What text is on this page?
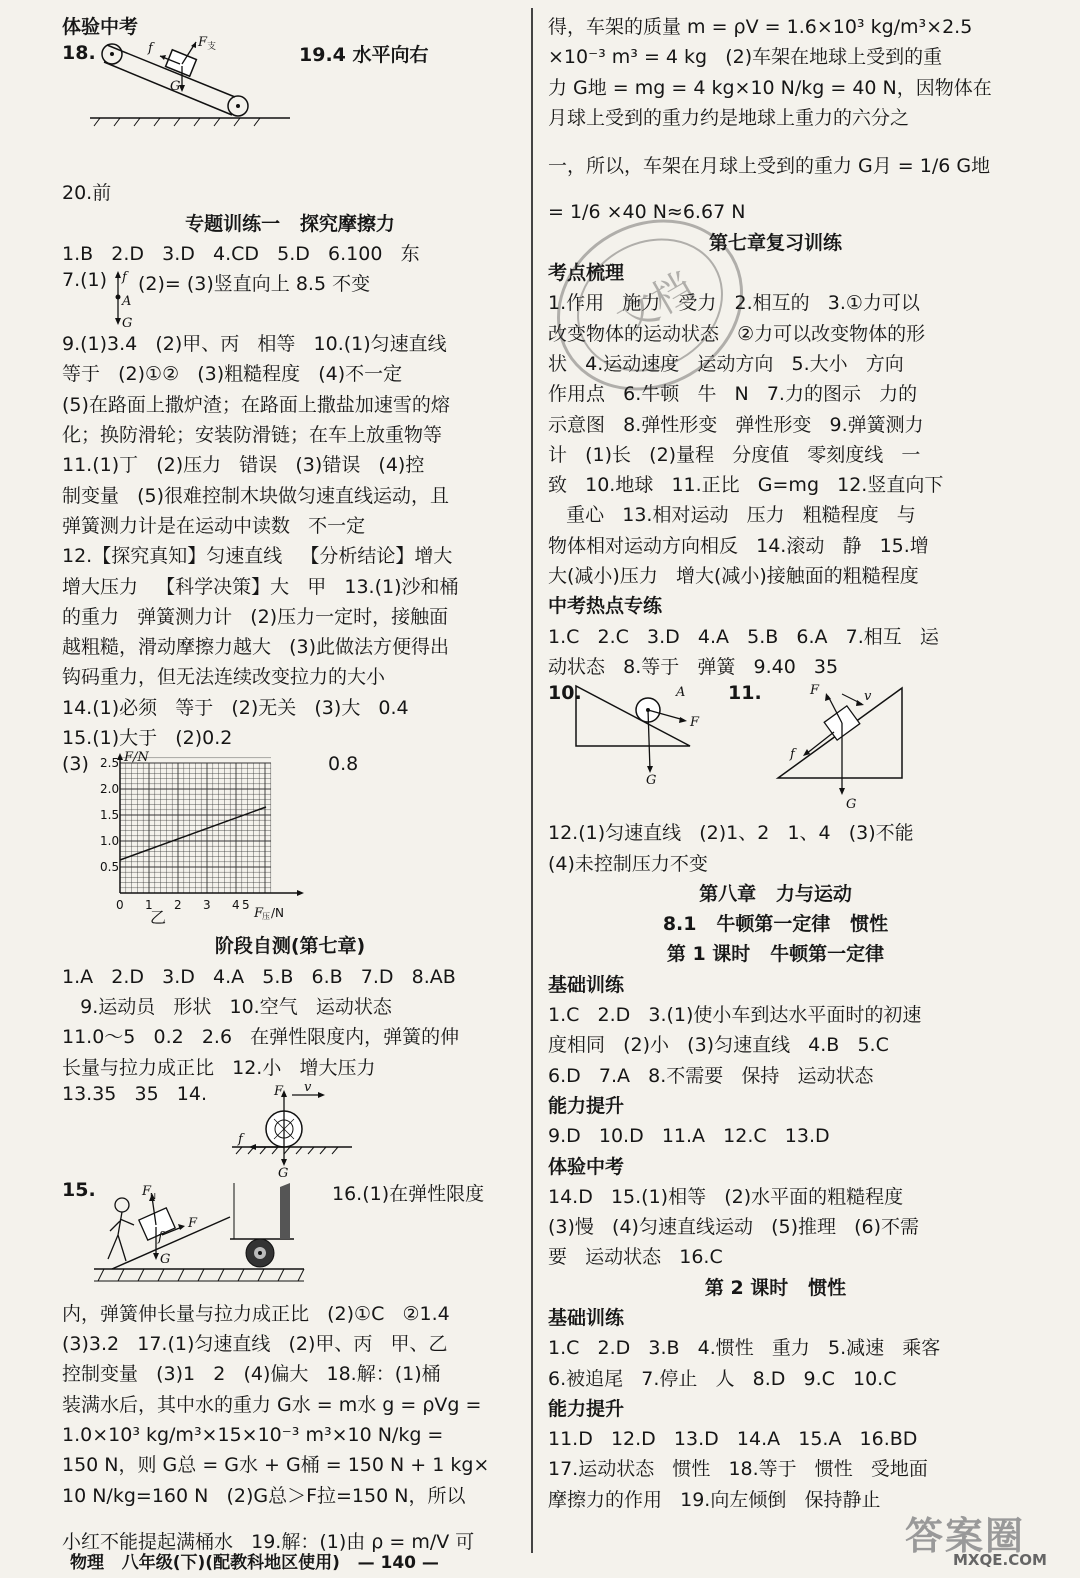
体验中考
18.	f	F 支
G
19.4 水平向右
20.前
专题训练一   探究摩擦力
1.B   2.D   3.D   4.CD   5.D   6.100   东
7.(1) f
A
G
(2)= (3)竖直向上 8.5 不变
9.(1)3.4   (2)甲、丙   相等   10.(1)匀速直线
等于   (2)①②   (3)粗糙程度   (4)不一定
(5)在路面上撒炉渣；在路面上撒盐加速雪的熔
化；换防滑轮；安装防滑链；在车上放重物等
11.(1)丁   (2)压力   错误   (3)错误   (4)控
制变量   (5)很难控制木块做匀速直线运动，且
弹簧测力计是在运动中读数   不一定
12.【探究真知】匀速直线   【分析结论】增大
增大压力   【科学决策】大   甲   13.(1)沙和桶
的重力   弹簧测力计   (2)压力一定时，接触面
越粗糙，滑动摩擦力越大   (3)此做法方便得出
钩码重力，但无法连续改变拉力的大小
14.(1)必须   等于   (2)无关   (3)大   0.4
15.(1)大于   (2)0.2
(3)	0.8
F/N
F
压 /N
0.5
1.0
1.5
2.0
2.5
0 1 2 3 4 5
乙
阶段自测(第七章)
1.A   2.D   3.D   4.A   5.B   6.B   7.D   8.AB
9.运动员   形状   10.空气   运动状态
11.0～5   0.2   2.6   在弹性限度内，弹簧的伸
长量与拉力成正比   12.小   增大压力
13.35   35   14.	F v
f
G
15.	16.(1)在弹性限度
F
N
F
G
f
内，弹簧伸长量与拉力成正比   (2)①C   ②1.4
(3)3.2   17.(1)匀速直线   (2)甲、丙   甲、乙
控制变量   (3)1   2   (4)偏大   18.解：(1)桶
装满水后，其中水的重力 G水 = m水 g = ρVg =
1.0×10³ kg/m³×15×10⁻³ m³×10 N/kg =
150 N，则 G总 = G水 + G桶 = 150 N + 1 kg×
10 N/kg=160 N   (2)G总＞F拉=150 N，所以
小红不能提起满桶水   19.解：(1)由 ρ = m/V 可
得，车架的质量 m = ρV = 1.6×10³ kg/m³×2.5
×10⁻³ m³ = 4 kg   (2)车架在地球上受到的重
力 G地 = mg = 4 kg×10 N/kg = 40 N，因物体在
月球上受到的重力约是地球上重力的六分之
一，所以，车架在月球上受到的重力 G月 = 1/6 G地
= 1/6 ×40 N≈6.67 N
第七章复习训练
考点梳理
1.作用   施力   受力   2.相互的   3.①力可以
改变物体的运动状态   ②力可以改变物体的形
状   4.运动速度   运动方向   5.大小   方向
作用点   6.牛顿   牛   N   7.力的图示   力的
示意图   8.弹性形变   弹性形变   9.弹簧测力
计   (1)长   (2)量程   分度值   零刻度线   一
致   10.地球   11.正比   G=mg   12.竖直向下
重心   13.相对运动   压力   粗糙程度   与
物体相对运动方向相反   14.滚动   静   15.增
大(减小)压力   增大(减小)接触面的粗糙程度
中考热点专练
1.C   2.C   3.D   4.A   5.B   6.A   7.相互   运
动状态   8.等于   弹簧   9.40   35
10.	11.
A
F
G
F	v
f
G
12.(1)匀速直线   (2)1、2   1、4   (3)不能
(4)未控制压力不变
第八章   力与运动
8.1   牛顿第一定律   惯性
第 1 课时   牛顿第一定律
基础训练
1.C   2.D   3.(1)使小车到达水平面时的初速
度相同   (2)小   (3)匀速直线   4.B   5.C
6.D   7.A   8.不需要   保持   运动状态
能力提升
9.D   10.D   11.A   12.C   13.D
体验中考
14.D   15.(1)相等   (2)水平面的粗糙程度
(3)慢   (4)匀速直线运动   (5)推理   (6)不需
要   运动状态   16.C
第 2 课时   惯性
基础训练
1.C   2.D   3.B   4.惯性   重力   5.减速   乘客
6.被追尾   7.停止   人   8.D   9.C   10.C
能力提升
11.D   12.D   13.D   14.A   15.A   16.BD
17.运动状态   惯性   18.等于   惯性   受地面
摩擦力的作用   19.向左倾倒   保持静止
文档
物理   八年级(下)(配教科地区使用)   — 140 —
答案圈
MXQE.COM
